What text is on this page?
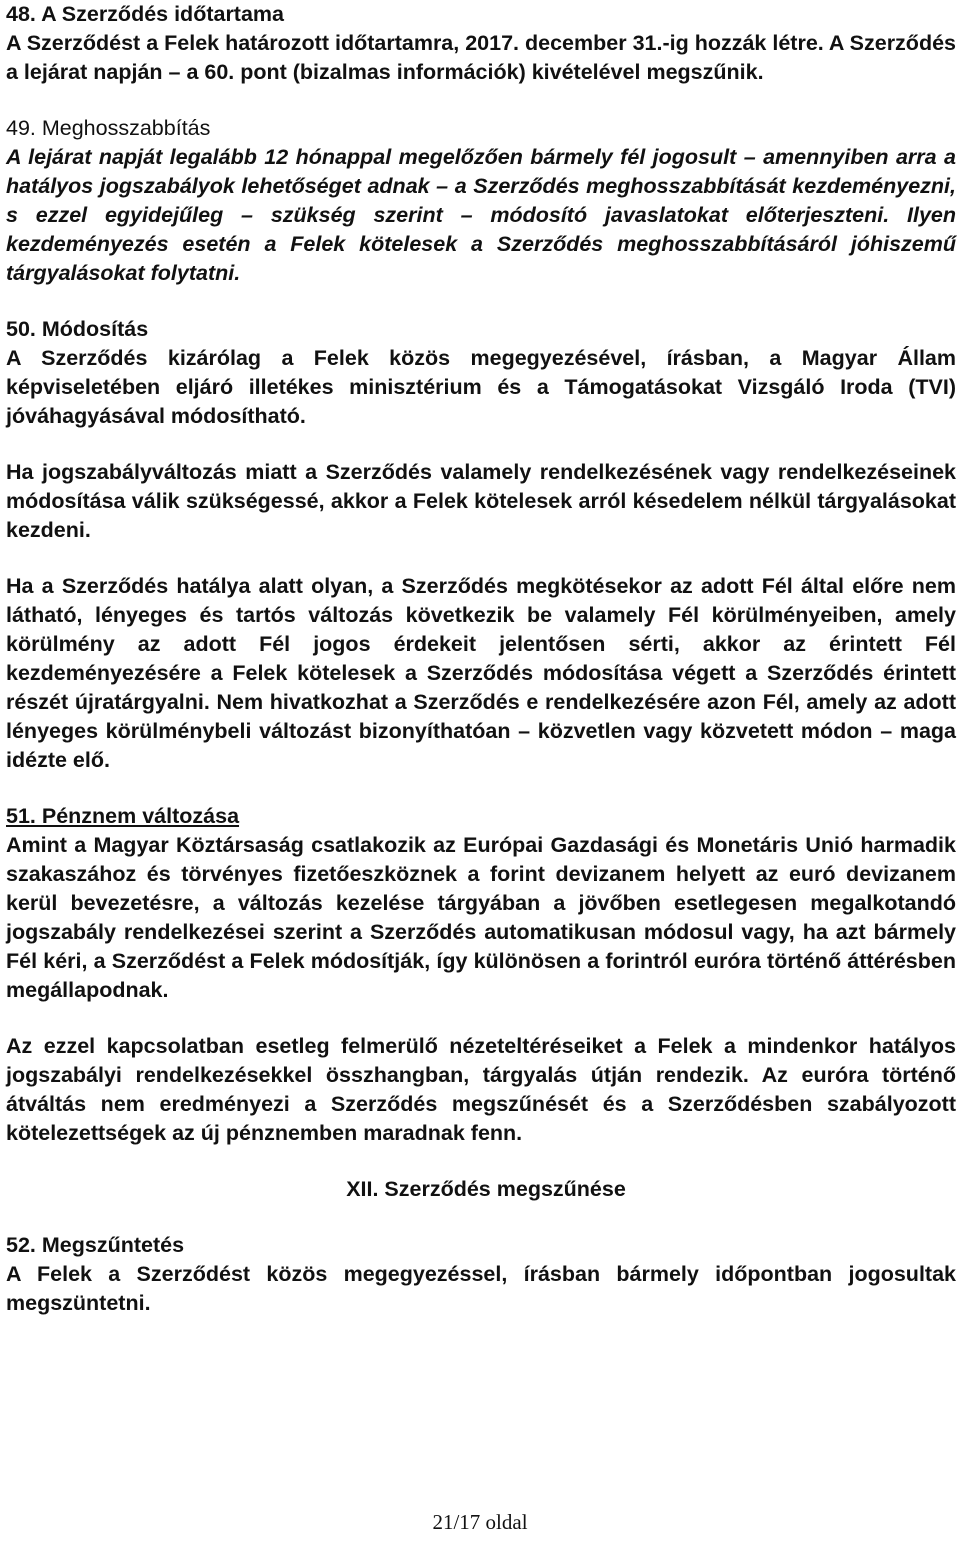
48. A Szerződés időtartama

A Szerződést a Felek határozott időtartamra, 2017. december 31.-ig hozzák létre. A Szerződés a lejárat napján – a 60. pont (bizalmas információk) kivételével megszűnik.

49. Meghosszabbítás

A lejárat napját legalább 12 hónappal megelőzően bármely fél jogosult – amennyiben arra a hatályos jogszabályok lehetőséget adnak – a Szerződés meghosszabbítását kezdeményezni, s ezzel egyidejűleg – szükség szerint – módosító javaslatokat előterjeszteni. Ilyen kezdeményezés esetén a Felek kötelesek a Szerződés meghosszabbításáról jóhiszemű tárgyalásokat folytatni.

50. Módosítás

A Szerződés kizárólag a Felek közös megegyezésével, írásban, a Magyar Állam képviseletében eljáró illetékes minisztérium és a Támogatásokat Vizsgáló Iroda (TVI) jóváhagyásával módosítható.

Ha jogszabályváltozás miatt a Szerződés valamely rendelkezésének vagy rendelkezéseinek módosítása válik szükségessé, akkor a Felek kötelesek arról késedelem nélkül tárgyalásokat kezdeni.

Ha a Szerződés hatálya alatt olyan, a Szerződés megkötésekor az adott Fél által előre nem látható, lényeges és tartós változás következik be valamely Fél körülményeiben, amely körülmény az adott Fél jogos érdekeit jelentősen sérti, akkor az érintett Fél kezdeményezésére a Felek kötelesek a Szerződés módosítása végett a Szerződés érintett részét újratárgyalni. Nem hivatkozhat a Szerződés e rendelkezésére azon Fél, amely az adott lényeges körülménybeli változást bizonyíthatóan – közvetlen vagy közvetett módon – maga idézte elő.

51. Pénznem változása

Amint a Magyar Köztársaság csatlakozik az Európai Gazdasági és Monetáris Unió harmadik szakaszához és törvényes fizetőeszköznek a forint devizanem helyett az euró devizanem kerül bevezetésre, a változás kezelése tárgyában a jövőben esetlegesen megalkotandó jogszabály rendelkezései szerint a Szerződés automatikusan módosul vagy, ha azt bármely Fél kéri, a Szerződést a Felek módosítják, így különösen a forintról euróra történő áttérésben megállapodnak.

Az ezzel kapcsolatban esetleg felmerülő nézeteltéréseiket a Felek a mindenkor hatályos jogszabályi rendelkezésekkel összhangban, tárgyalás útján rendezik. Az euróra történő átváltás nem eredményezi a Szerződés megszűnését és a Szerződésben szabályozott kötelezettségek az új pénznemben maradnak fenn.

XII. Szerződés megszűnése

52. Megszűntetés

A Felek a Szerződést közös megegyezéssel, írásban bármely időpontban jogosultak megszüntetni.

21/17 oldal
